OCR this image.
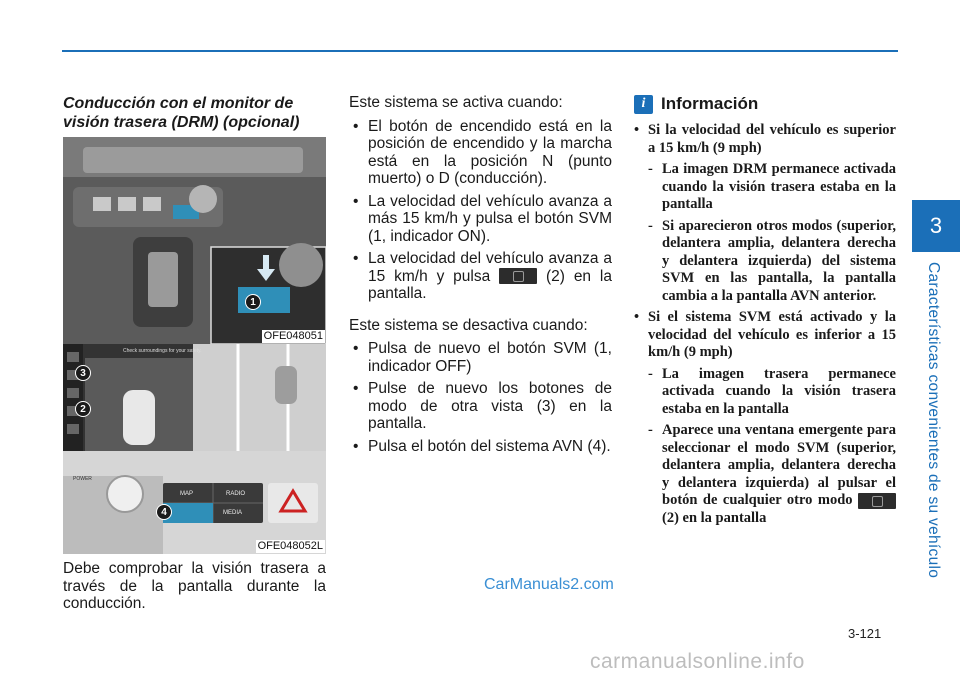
3
Características convenientes de su vehículo
Conducción con el monitor de visión trasera (DRM) (opcional)
1
OFE048051
Check surroundings for your safety.
3
2
POWER
MAP	RADIO
MEDIA
4
OFE048052L
Debe comprobar la visión trasera a través de la pantalla durante la conducción.
Este sistema se activa cuando:
• El botón de encendido está en la posición de encendido y la marcha está en la posición N (punto muerto) o D (conducción).
• La velocidad del vehículo avanza a más 15 km/h y pulsa el botón SVM (1, indicador ON).
• La velocidad del vehículo avanza a 15 km/h y pulsa	(2) en la pantalla.
Este sistema se desactiva cuando:
• Pulsa de nuevo el botón SVM (1, indicador OFF)
• Pulse de nuevo los botones de modo de otra vista (3) en la pantalla.
• Pulsa el botón del sistema AVN (4).
i Información
• Si la velocidad del vehículo es superior a 15 km/h (9 mph)
- La imagen DRM permanece activada cuando la visión trasera estaba en la pantalla
- Si aparecieron otros modos (superior, delantera amplia, delantera derecha y delantera izquierda) del sistema SVM en las pantalla, la pantalla cambia a la pantalla AVN anterior.
• Si el sistema SVM está activado y la velocidad del vehículo es inferior a 15 km/h (9 mph)
- La imagen trasera permanece activada cuando la visión trasera estaba en la pantalla
- Aparece una ventana emergente para seleccionar el modo SVM (superior, delantera amplia, delantera derecha y delantera izquierda) al pulsar el botón de cualquier otro modo  (2) en la pantalla
CarManuals2.com
3-121
carmanualsonline.info
